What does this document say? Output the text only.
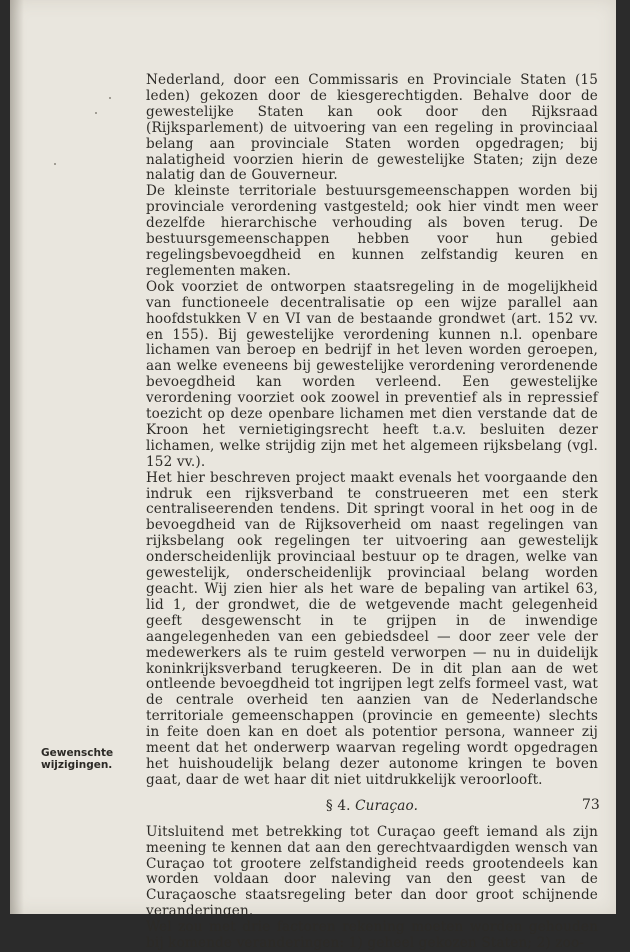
Nederland, door een Commissaris en Provinciale Staten (15 leden) gekozen door de kiesgerechtigden. Behalve door de gewestelijke Staten kan ook door den Rijksraad (Rijksparlement) de uitvoering van een regeling in provinciaal belang aan provinciale Staten worden opgedragen; bij nalatigheid voorzien hierin de gewestelijke Staten; zijn deze nalatig dan de Gouverneur.

De kleinste territoriale bestuursgemeenschappen worden bij provinciale verordening vastgesteld; ook hier vindt men weer dezelfde hierarchische verhouding als boven terug. De bestuursgemeenschappen hebben voor hun gebied regelingsbevoegdheid en kunnen zelfstandig keuren en reglementen maken.

Ook voorziet de ontworpen staatsregeling in de mogelijkheid van functioneele decentralisatie op een wijze parallel aan hoofdstukken V en VI van de bestaande grondwet (art. 152 vv. en 155). Bij gewestelijke verordening kunnen n.l. openbare lichamen van beroep en bedrijf in het leven worden geroepen, aan welke eveneens bij gewestelijke verordening verordenende bevoegdheid kan worden verleend. Een gewestelijke verordening voorziet ook zoowel in preventief als in repressief toezicht op deze openbare lichamen met dien verstande dat de Kroon het vernietigingsrecht heeft t.a.v. besluiten dezer lichamen, welke strijdig zijn met het algemeen rijksbelang (vgl. 152 vv.).

Het hier beschreven project maakt evenals het voorgaande den indruk een rijksverband te construeeren met een sterk centraliseerenden tendens. Dit springt vooral in het oog in de bevoegdheid van de Rijksoverheid om naast regelingen van rijksbelang ook regelingen ter uitvoering aan gewestelijk onderscheidenlijk provinciaal bestuur op te dragen, welke van gewestelijk, onderscheidenlijk provinciaal belang worden geacht. Wij zien hier als het ware de bepaling van artikel 63, lid 1, der grondwet, die de wetgevende macht gelegenheid geeft desgewenscht in te grijpen in de inwendige aangelegenheden van een gebiedsdeel — door zeer vele der medewerkers als te ruim gesteld verworpen — nu in duidelijk koninkrijksverband terugkeeren. De in dit plan aan de wet ontleende bevoegdheid tot ingrijpen legt zelfs formeel vast, wat de centrale overheid ten aanzien van de Nederlandsche territoriale gemeenschappen (provincie en gemeente) slechts in feite doen kan en doet als potentior persona, wanneer zij meent dat het onderwerp waarvan regeling wordt opgedragen het huishoudelijk belang dezer autonome kringen te boven gaat, daar de wet haar dit niet uitdrukkelijk veroorlooft.

§ 4. Curaçao.

Uitsluitend met betrekking tot Curaçao geeft iemand als zijn meening te kennen dat aan den gerechtvaardigden wensch van Curaçao tot grootere zelfstandigheid reeds grootendeels kan worden voldaan door naleving van den geest van de Curaçaosche staatsregeling beter dan door groot schijnende veranderingen.

Wel zou met drie factoren rekening moeten worden gehouden bij komende veranderingen: 1) geheel gekozen Staten; 2) zoo-

Gewenschte wijzigingen.
73
